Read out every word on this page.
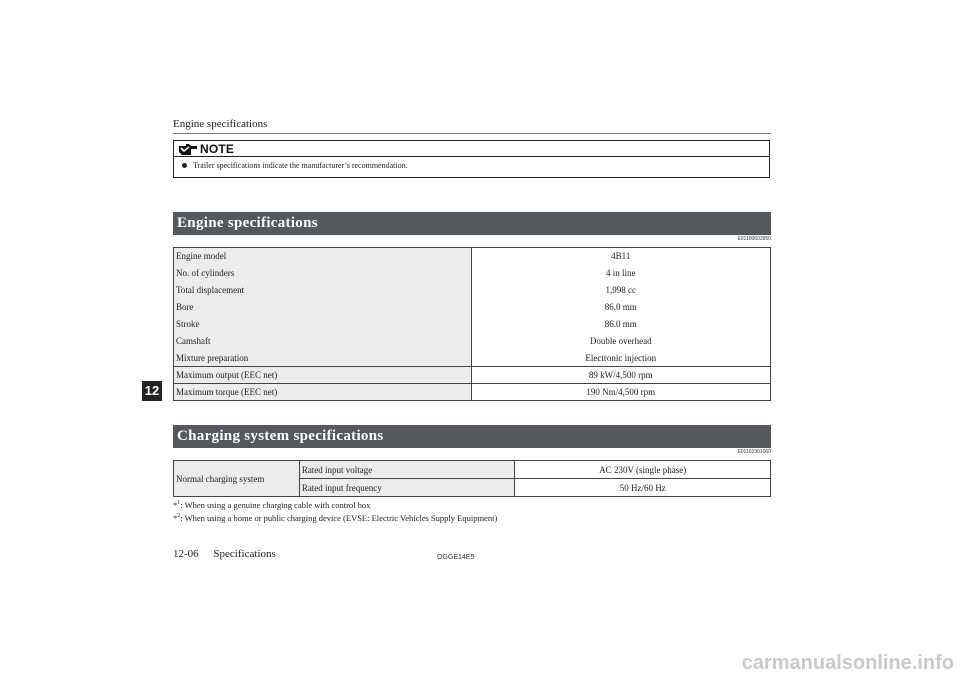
Engine specifications
NOTE
Trailer specifications indicate the manufacturer’s recommendation.
Engine specifications
E01100603950
Engine model	4B11
No. of cylinders	4 in line
Total displacement	1,998 cc
Bore	86.0 mm
Stroke	86.0 mm
Camshaft	Double overhead
Mixture preparation	Electronic injection
Maximum output (EEC net)	89 kW/4,500 rpm
Maximum torque (EEC net)	190 Nm/4,500 rpm
Charging system specifications
E01101901060
Normal charging system	Rated input voltage	AC 230V (single phase)
	Rated input frequency	50 Hz/60 Hz
*$^1$: When using a genuine charging cable with control box
*$^2$: When using a home or public charging device (EVSE: Electric Vehicles Supply Equipment)
12
12-06 Specifications	OGGE14E5
carmanualsonline.info
